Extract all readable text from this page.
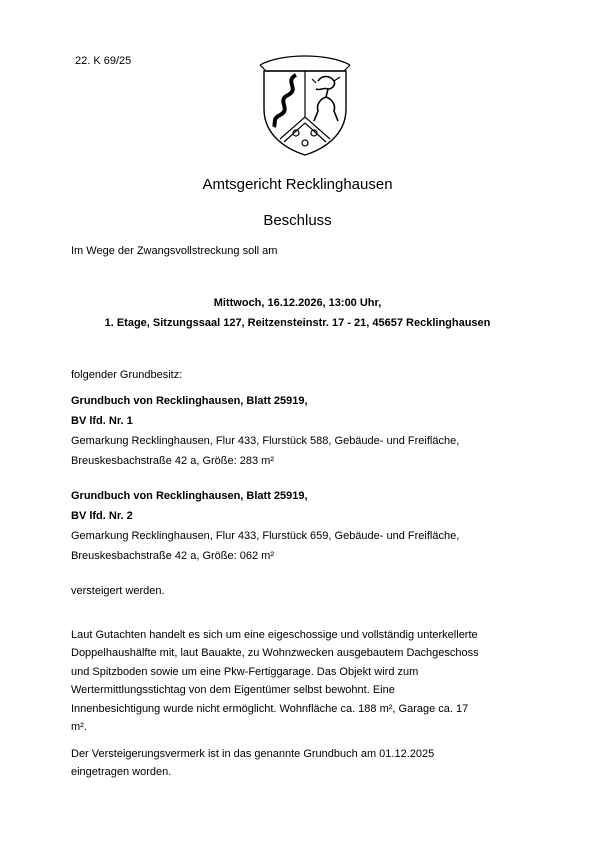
22. K 69/25
Amtsgericht Recklinghausen
Beschluss
Im Wege der Zwangsvollstreckung soll am
Mittwoch, 16.12.2026, 13:00 Uhr,
1. Etage, Sitzungssaal 127, Reitzensteinstr. 17 - 21, 45657 Recklinghausen
folgender Grundbesitz:
Grundbuch von Recklinghausen, Blatt 25919,
BV lfd. Nr. 1
Gemarkung Recklinghausen, Flur 433, Flurstück 588, Gebäude- und Freifläche,
Breuskesbachstraße 42 a, Größe: 283 m²
Grundbuch von Recklinghausen, Blatt 25919,
BV lfd. Nr. 2
Gemarkung Recklinghausen, Flur 433, Flurstück 659, Gebäude- und Freifläche,
Breuskesbachstraße 42 a, Größe: 062 m²
versteigert werden.
Laut Gutachten handelt es sich um eine eigeschossige und vollständig unterkellerte
Doppelhaushälfte mit, laut Bauakte, zu Wohnzwecken ausgebautem Dachgeschoss
und Spitzboden sowie um eine Pkw-Fertiggarage. Das Objekt wird zum
Wertermittlungsstichtag von dem Eigentümer selbst bewohnt. Eine
Innenbesichtigung wurde nicht ermöglicht. Wohnfläche ca. 188 m², Garage ca. 17
m².
Der Versteigerungsvermerk ist in das genannte Grundbuch am 01.12.2025
eingetragen worden.
